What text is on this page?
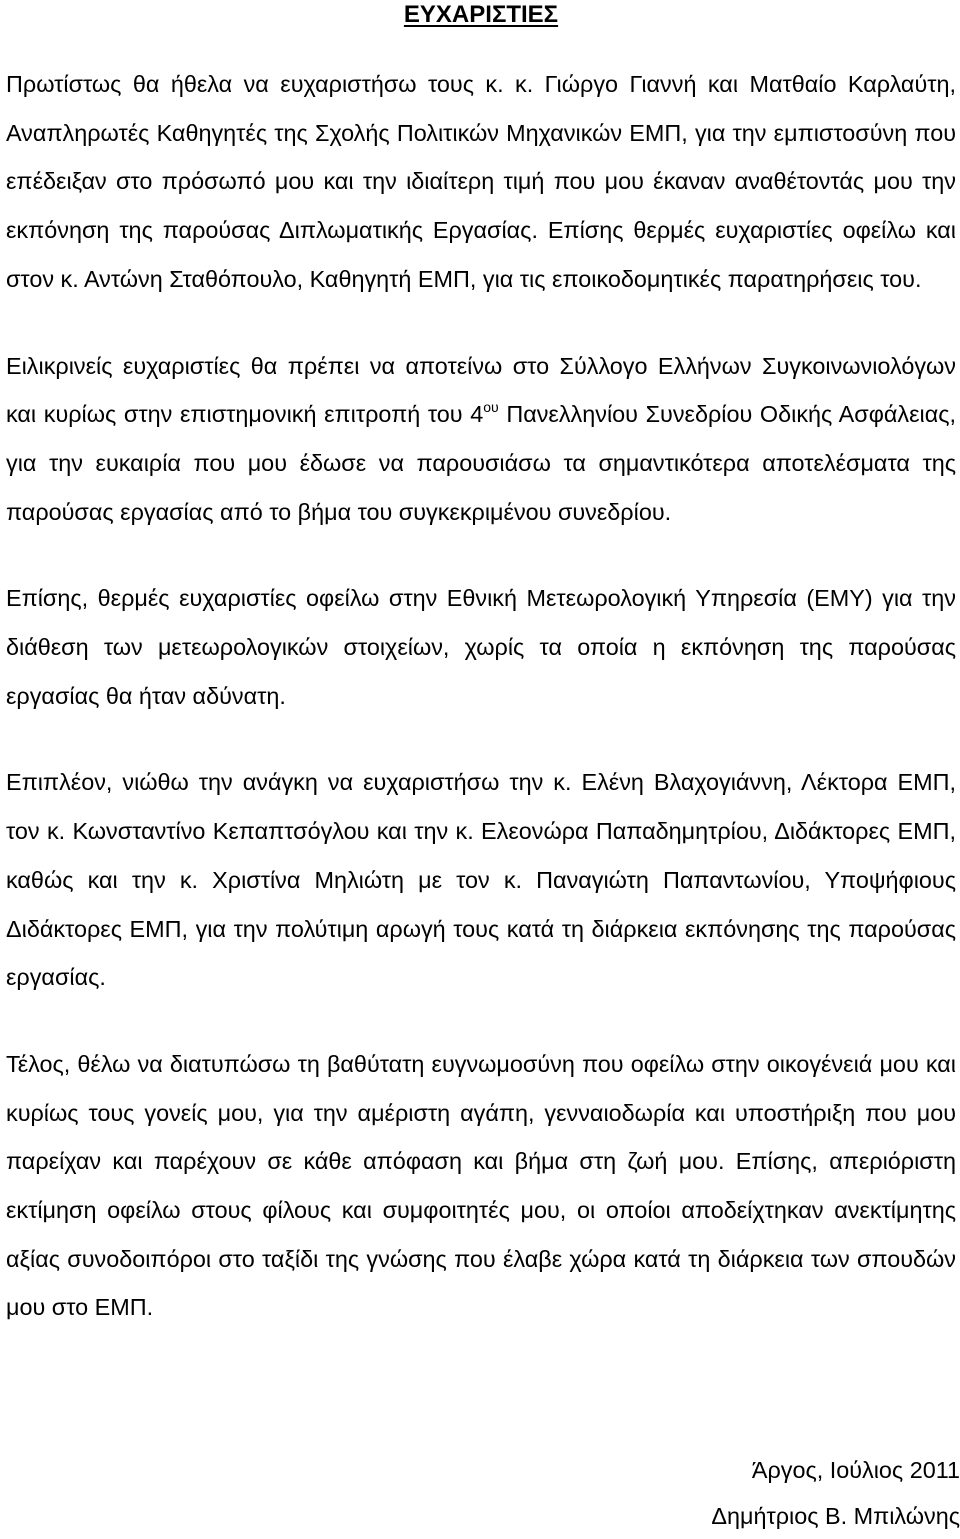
ΕΥΧΑΡΙΣΤΙΕΣ

Πρωτίστως θα ήθελα να ευχαριστήσω τους κ. κ. Γιώργο Γιαννή και Ματθαίο Καρλαύτη, Αναπληρωτές Καθηγητές της Σχολής Πολιτικών Μηχανικών ΕΜΠ, για την εμπιστοσύνη που επέδειξαν στο πρόσωπό μου και την ιδιαίτερη τιμή που μου έκαναν αναθέτοντάς μου την εκπόνηση της παρούσας Διπλωματικής Εργασίας. Επίσης θερμές ευχαριστίες οφείλω και στον κ. Αντώνη Σταθόπουλο, Καθηγητή ΕΜΠ, για τις εποικοδομητικές παρατηρήσεις του.

Ειλικρινείς ευχαριστίες θα πρέπει να αποτείνω στο Σύλλογο Ελλήνων Συγκοινωνιολόγων και κυρίως στην επιστημονική επιτροπή του $4^{o\upsilon}$ Πανελληνίου Συνεδρίου Οδικής Ασφάλειας, για την ευκαιρία που μου έδωσε να παρουσιάσω τα σημαντικότερα αποτελέσματα της παρούσας εργασίας από το βήμα του συγκεκριμένου συνεδρίου.

Επίσης, θερμές ευχαριστίες οφείλω στην Εθνική Μετεωρολογική Υπηρεσία (ΕΜΥ) για την διάθεση των μετεωρολογικών στοιχείων, χωρίς τα οποία η εκπόνηση της παρούσας εργασίας θα ήταν αδύνατη.

Επιπλέον, νιώθω την ανάγκη να ευχαριστήσω την κ. Ελένη Βλαχογιάννη, Λέκτορα ΕΜΠ, τον κ. Κωνσταντίνο Κεπαπτσόγλου και την κ. Ελεονώρα Παπαδημητρίου, Διδάκτορες ΕΜΠ, καθώς και την κ. Χριστίνα Μηλιώτη με τον κ. Παναγιώτη Παπαντωνίου, Υποψήφιους Διδάκτορες ΕΜΠ, για την πολύτιμη αρωγή τους κατά τη διάρκεια εκπόνησης της παρούσας εργασίας.

Τέλος, θέλω να διατυπώσω τη βαθύτατη ευγνωμοσύνη που οφείλω στην οικογένειά μου και κυρίως τους γονείς μου, για την αμέριστη αγάπη, γενναιοδωρία και υποστήριξη που μου παρείχαν και παρέχουν σε κάθε απόφαση και βήμα στη ζωή μου. Επίσης, απεριόριστη εκτίμηση οφείλω στους φίλους και συμφοιτητές μου, οι οποίοι αποδείχτηκαν ανεκτίμητης αξίας συνοδοιπόροι στο ταξίδι της γνώσης που έλαβε χώρα κατά τη διάρκεια των σπουδών μου στο ΕΜΠ.

Άργος, Ιούλιος 2011
Δημήτριος Β. Μπιλώνης
